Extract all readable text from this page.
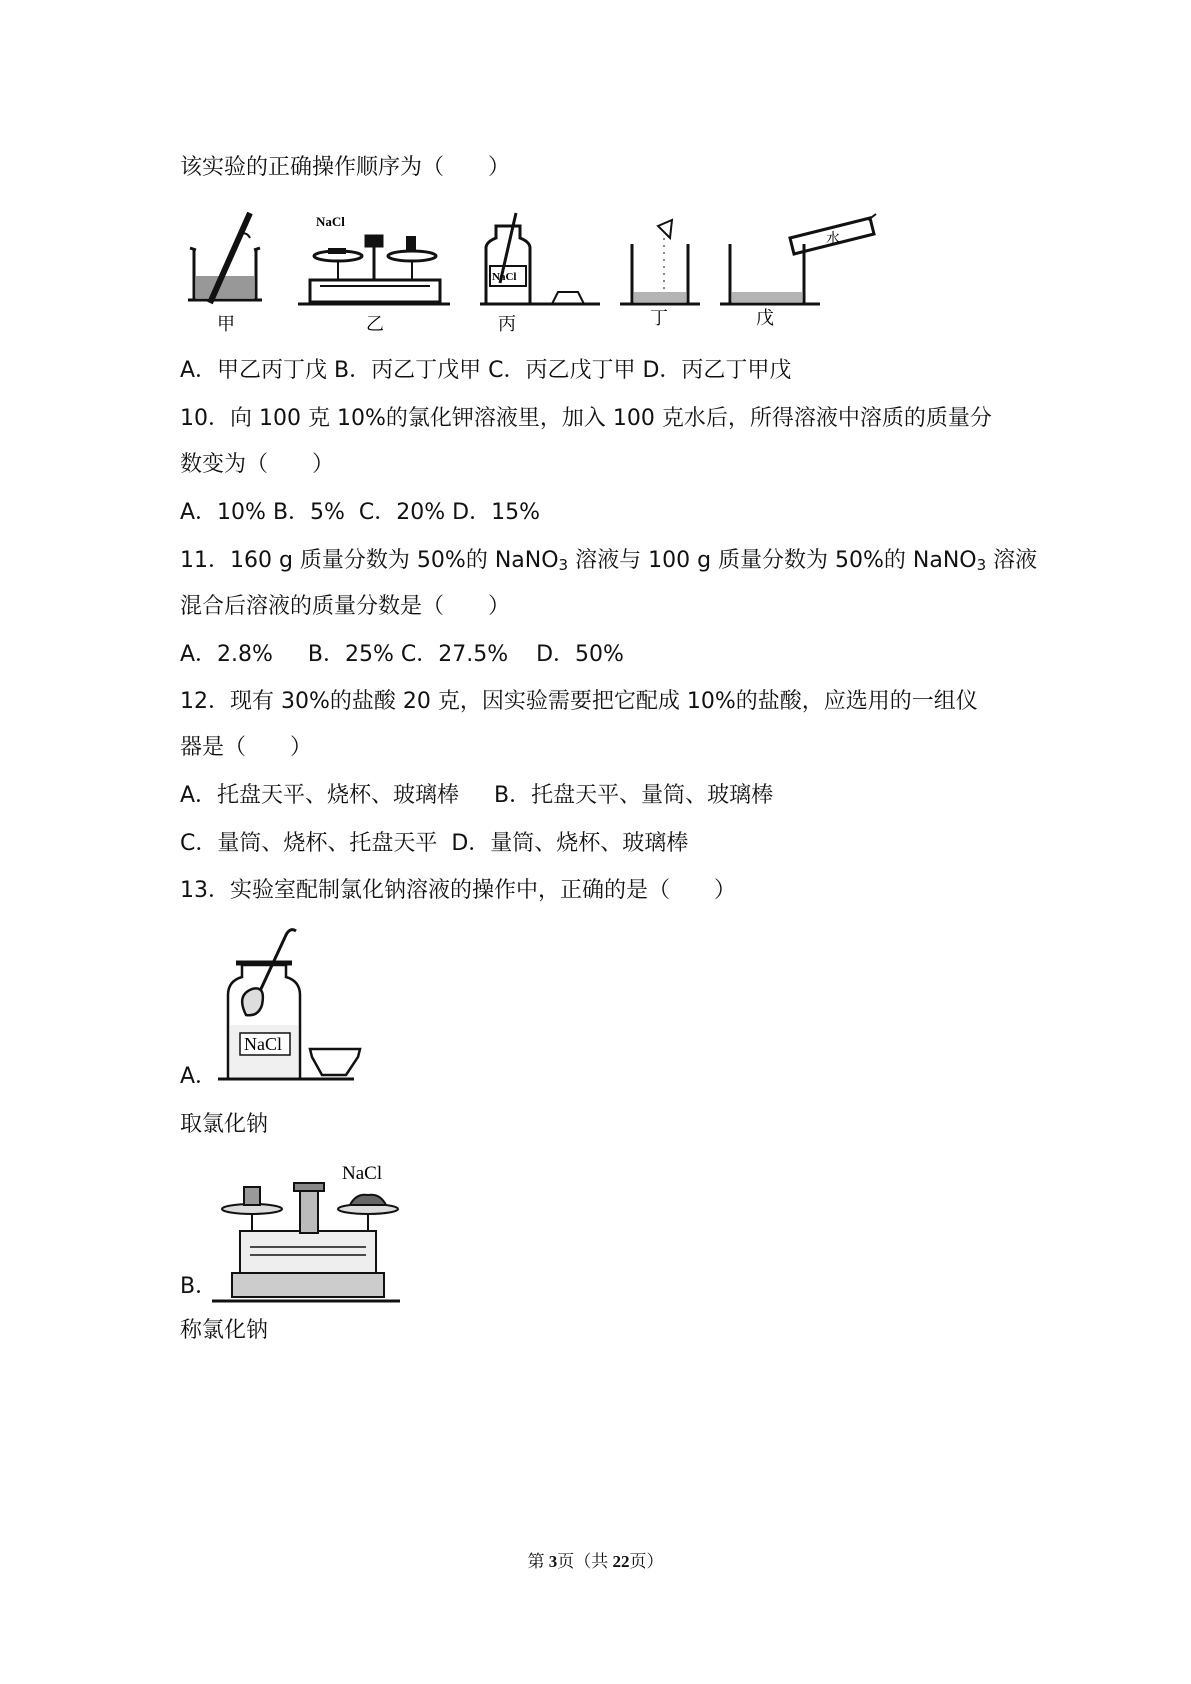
该实验的正确操作顺序为（　　）
NaCl
NaCl
水
甲	乙	丙	丁	戊
A．甲乙丙丁戊 B．丙乙丁戊甲 C．丙乙戊丁甲 D．丙乙丁甲戊
10．向 100 克 10%的氯化钾溶液里，加入 100 克水后，所得溶液中溶质的质量分
数变为（　　）
A．10% B．5%  C．20% D．15%
11．160 g 质量分数为 50%的 NaNO$_3$ 溶液与 100 g 质量分数为 50%的 NaNO$_3$ 溶液
混合后溶液的质量分数是（　　）
A．2.8%     B．25% C．27.5%    D．50%
12．现有 30%的盐酸 20 克，因实验需要把它配成 10%的盐酸，应选用的一组仪
器是（　　）
A．托盘天平、烧杯、玻璃棒     B．托盘天平、量筒、玻璃棒
C．量筒、烧杯、托盘天平  D．量筒、烧杯、玻璃棒
13．实验室配制氯化钠溶液的操作中，正确的是（　　）
NaCl
A．
取氯化钠
NaCl
B．
称氯化钠
第 3页（共 22页）
